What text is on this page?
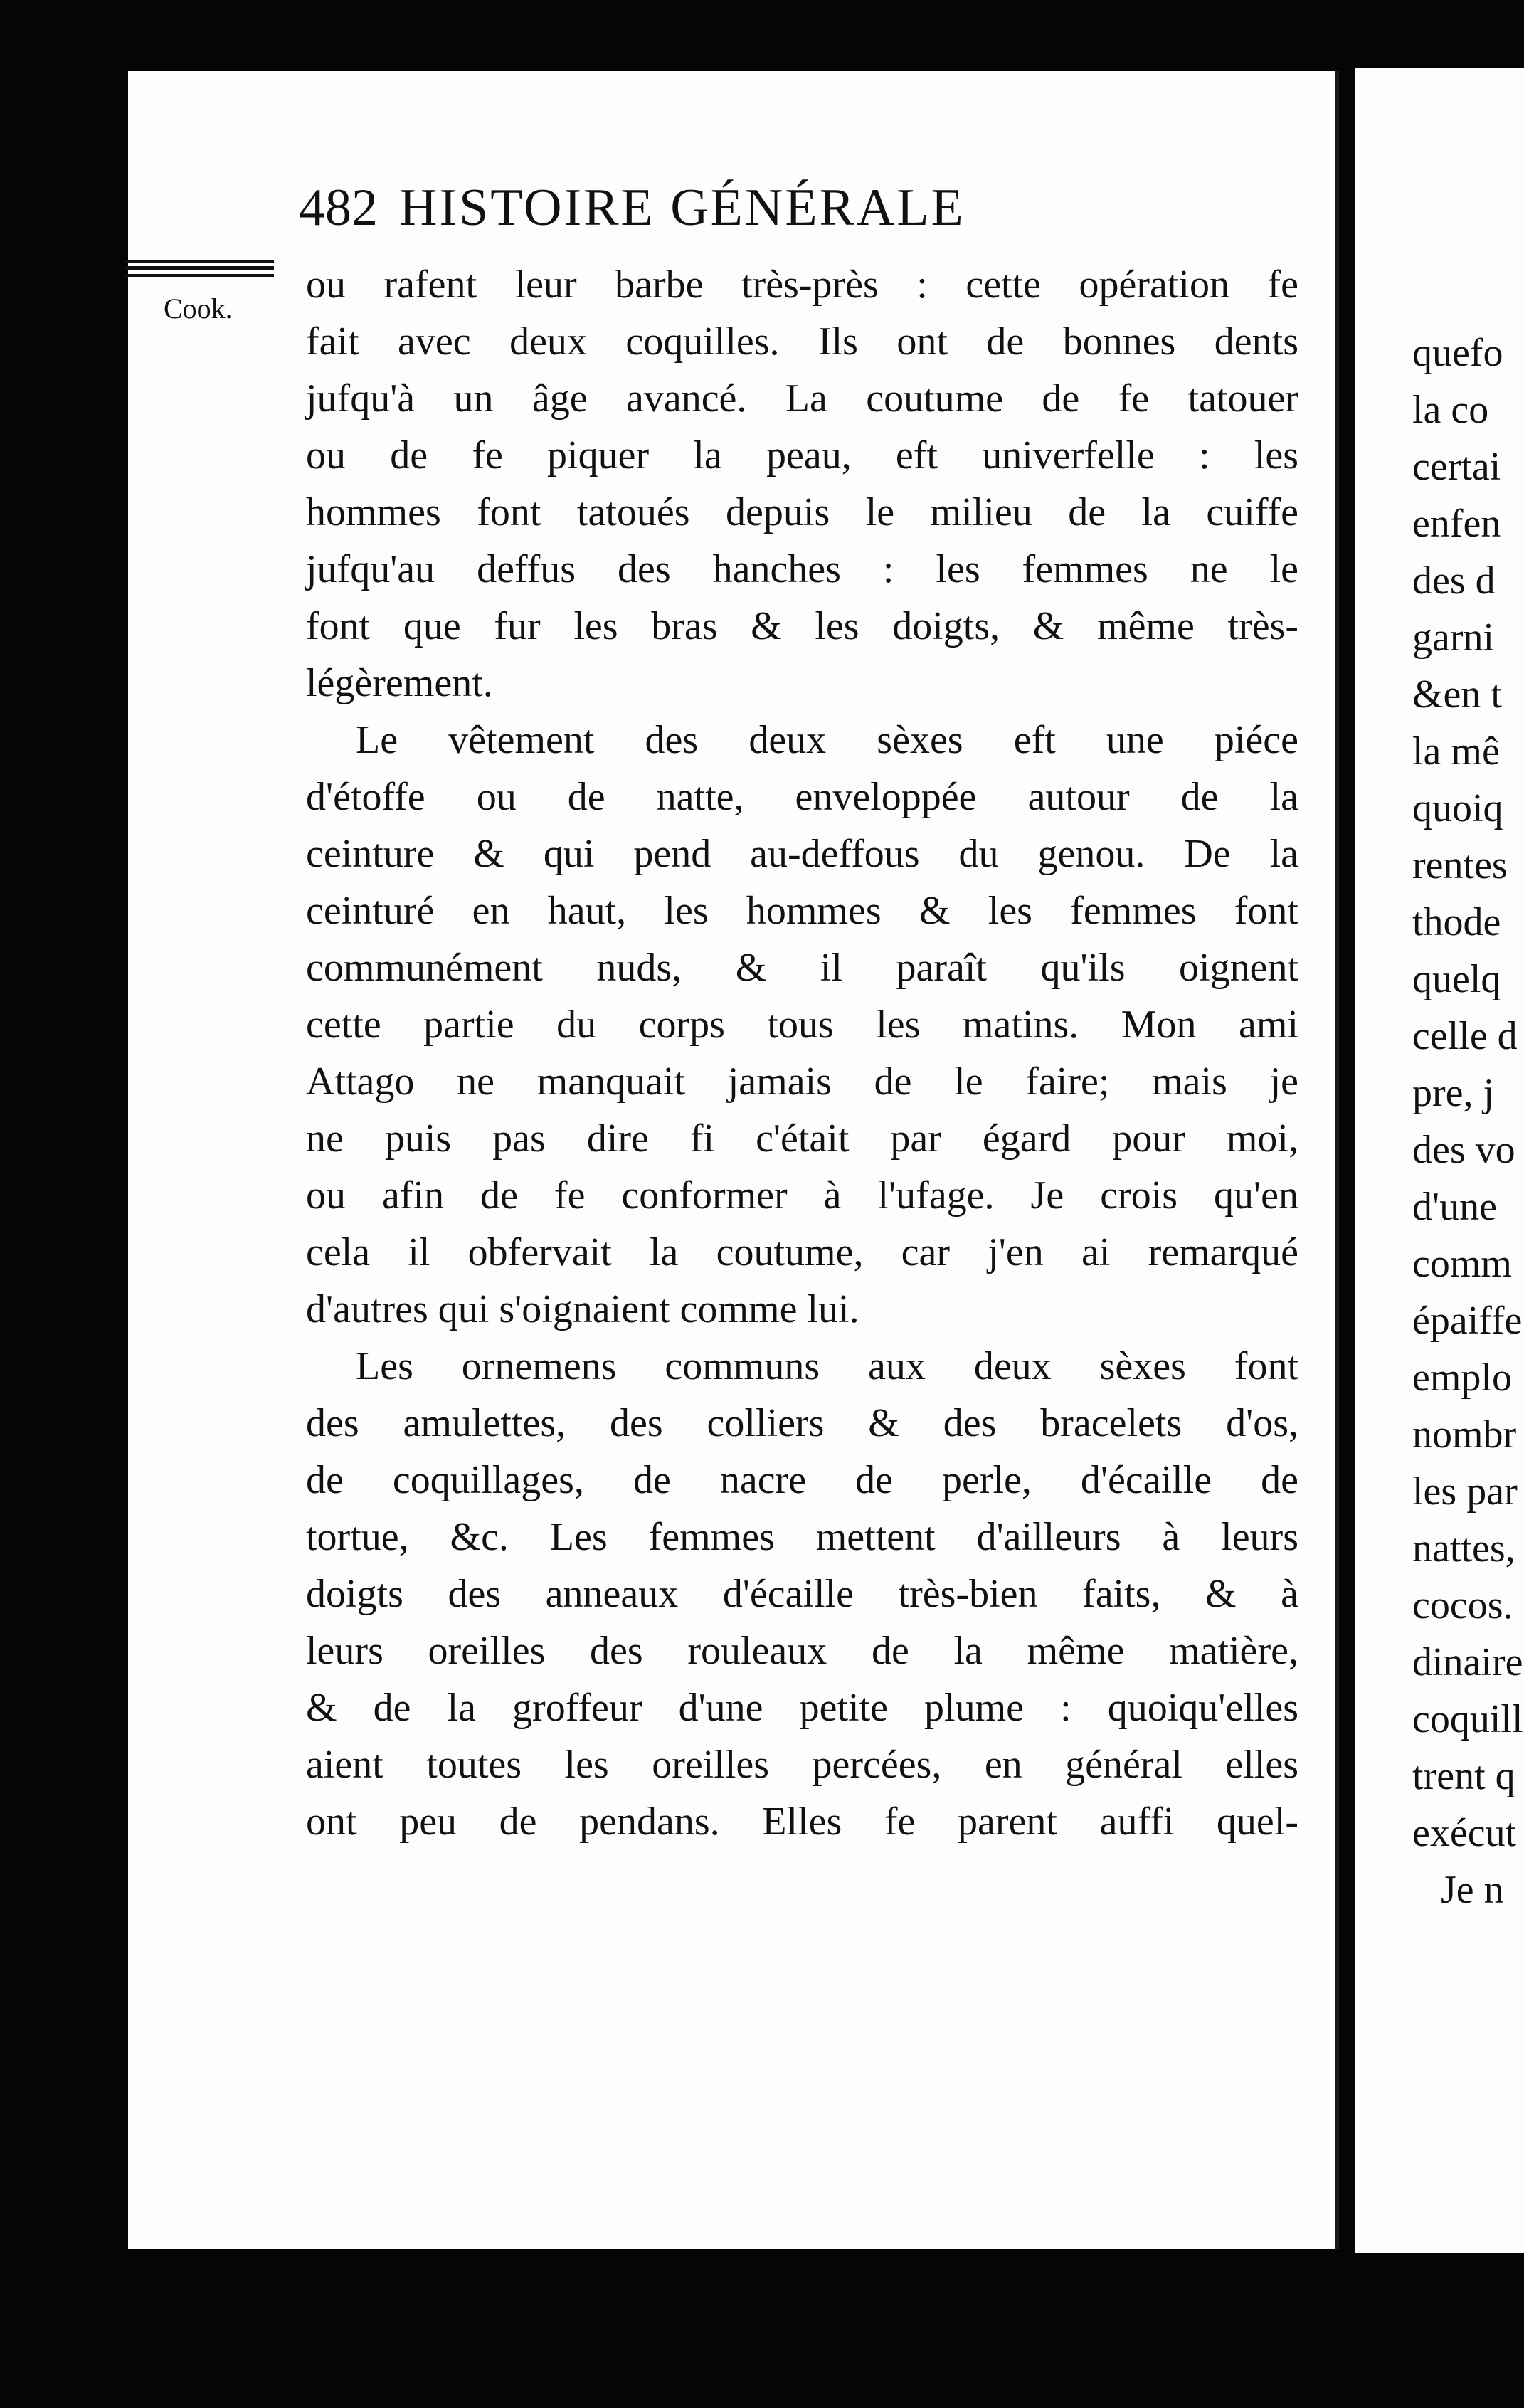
482 HISTOIRE GÉNÉRALE
Cook.
ou rafent leur barbe très-près : cette opération fe
fait avec deux coquilles. Ils ont de bonnes dents
jufqu'à un âge avancé. La coutume de fe tatouer
ou de fe piquer la peau, eft univerfelle : les
hommes font tatoués depuis le milieu de la cuiffe
jufqu'au deffus des hanches : les femmes ne le
font que fur les bras & les doigts, & même très-
légèrement.
Le vêtement des deux sèxes eft une piéce
d'étoffe ou de natte, enveloppée autour de la
ceinture & qui pend au-deffous du genou. De la
ceinturé en haut, les hommes & les femmes font
communément nuds, & il paraît qu'ils oignent
cette partie du corps tous les matins. Mon ami
Attago ne manquait jamais de le faire; mais je
ne puis pas dire fi c'était par égard pour moi,
ou afin de fe conformer à l'ufage. Je crois qu'en
cela il obfervait la coutume, car j'en ai remarqué
d'autres qui s'oignaient comme lui.
Les ornemens communs aux deux sèxes font
des amulettes, des colliers & des bracelets d'os,
de coquillages, de nacre de perle, d'écaille de
tortue, &c. Les femmes mettent d'ailleurs à leurs
doigts des anneaux d'écaille très-bien faits, & à
leurs oreilles des rouleaux de la même matière,
& de la groffeur d'une petite plume : quoiqu'elles
aient toutes les oreilles percées, en général elles
ont peu de pendans. Elles fe parent auffi quel-
quefo
la co
certai
enfen
des d
garni
&en t
la mê
quoiq
rentes
thode
quelq
celle d
pre, j
des vo
d'une
comm
épaiffe
emplo
nombr
les par
nattes,
cocos.
dinaire
coquill
trent q
exécut
Je n
